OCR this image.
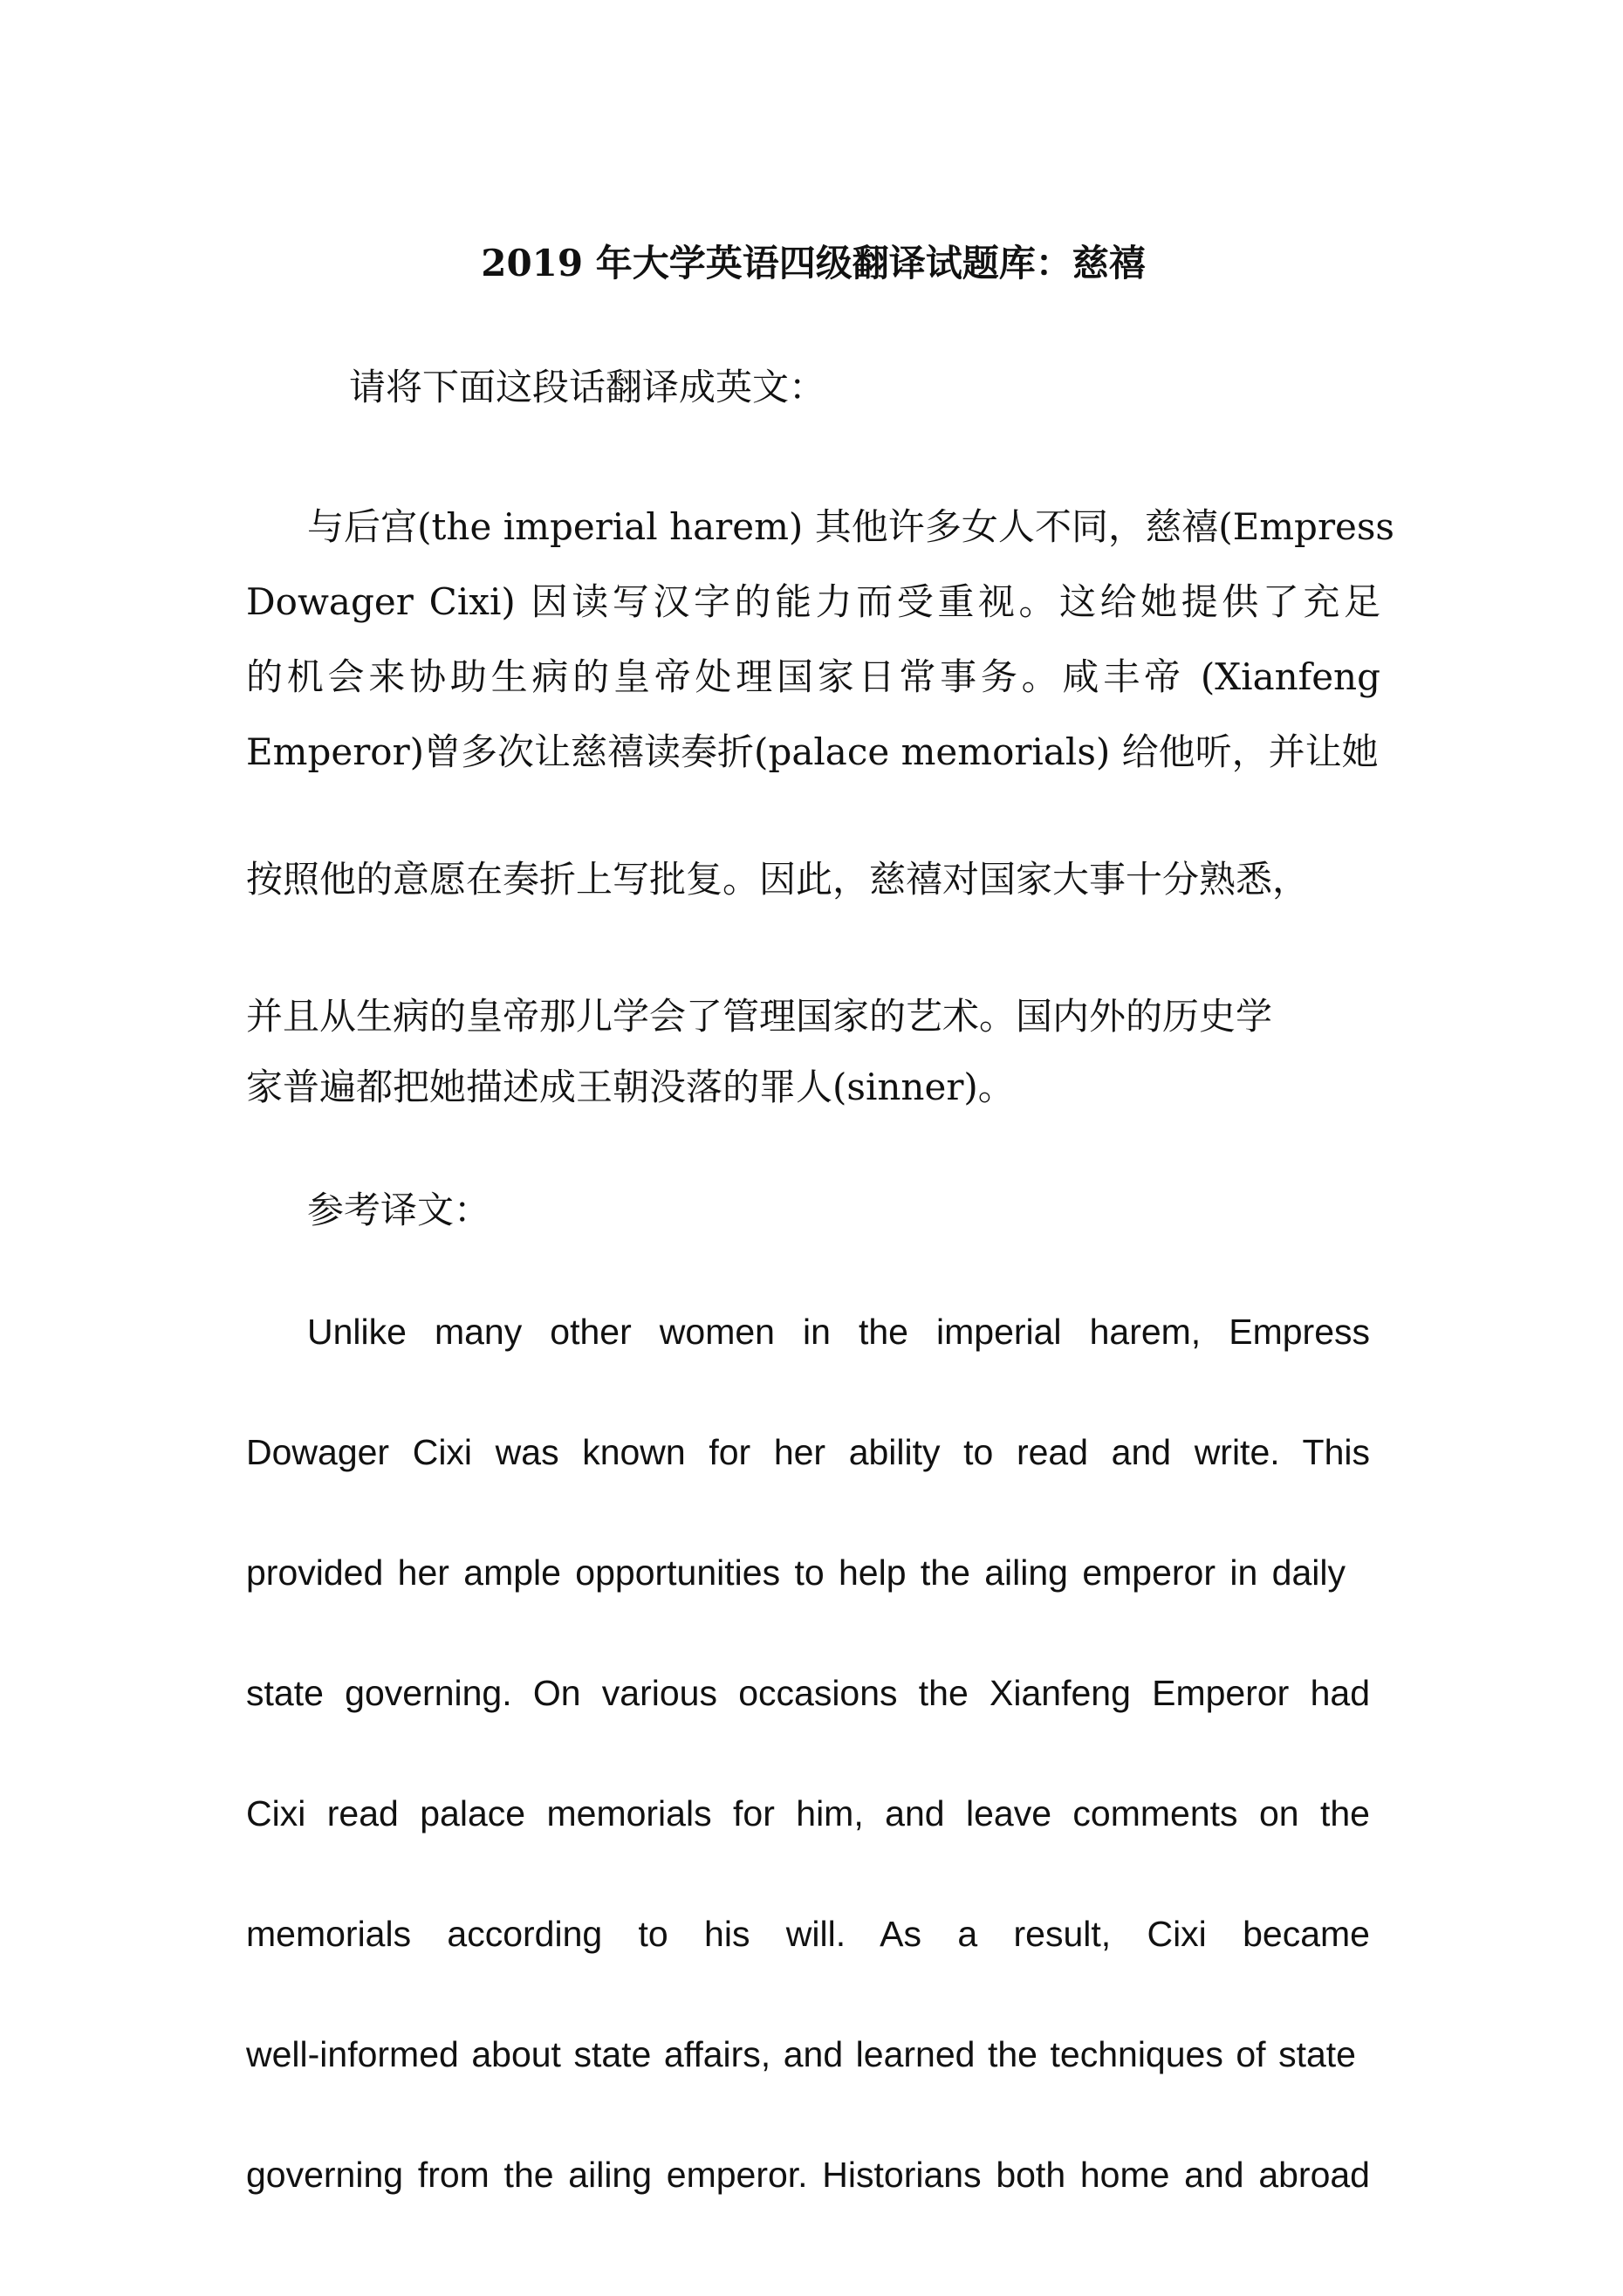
2019 年大学英语四级翻译试题库：慈禧

请将下面这段话翻译成英文：

与后宫(the imperial harem) 其他许多女人不同，慈禧(Empress

Dowager Cixi) 因读写汉字的能力而受重视。这给她提供了充足

的机会来协助生病的皇帝处理国家日常事务。咸丰帝 (Xianfeng

Emperor)曾多次让慈禧读奏折(palace memorials) 给他听，并让她

按照他的意愿在奏折上写批复。因此，慈禧对国家大事十分熟悉，

并且从生病的皇帝那儿学会了管理国家的艺术。国内外的历史学

家普遍都把她描述成王朝没落的罪人(sinner)。

参考译文：

Unlike many other women in the imperial harem, Empress

Dowager Cixi was known for her ability to read and write. This

provided her ample opportunities to help the ailing emperor in daily

state governing. On various occasions the Xianfeng Emperor had

Cixi read palace memorials for him, and leave comments on the

memorials according to his will. As a result, Cixi became

well-informed about state affairs, and learned the techniques of state

governing from the ailing emperor. Historians both home and abroad
